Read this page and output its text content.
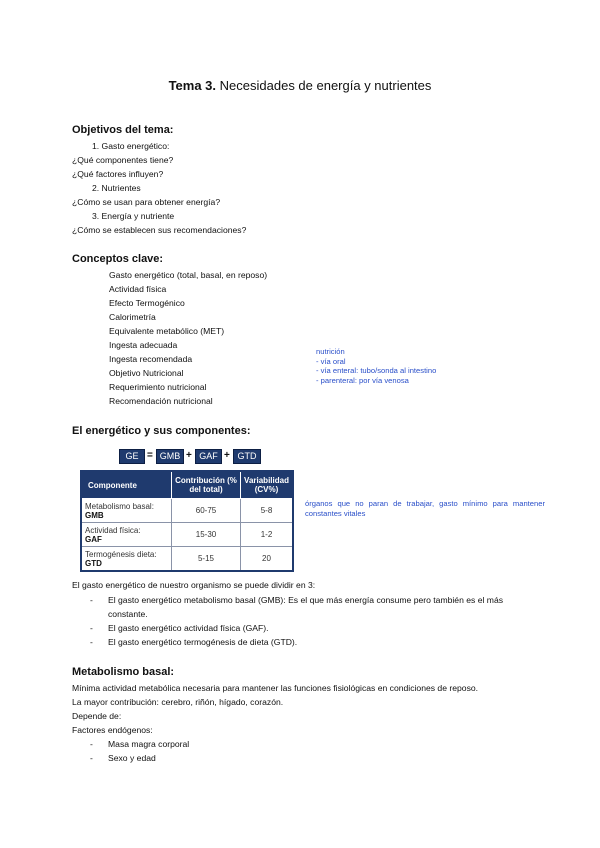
Tema 3. Necesidades de energía y nutrientes
Objetivos del tema:
1. Gasto energético:
¿Qué componentes tiene?
¿Qué factores influyen?
2. Nutrientes
¿Cómo se usan para obtener energía?
3. Energía y nutriente
¿Cómo se establecen sus recomendaciones?
Conceptos clave:
Gasto energético (total, basal, en reposo)
Actividad física
Efecto Termogénico
Calorimetría
Equivalente metabólico (MET)
Ingesta adecuada
Ingesta recomendada
Objetivo Nutricional
Requerimiento nutricional
Recomendación nutricional
nutrición
- vía oral
- vía enteral: tubo/sonda al intestino
- parenteral: por vía venosa
El energético y sus componentes:
GE = GMB + GAF + GTD
Componente	Contribución (% del total)	Variabilidad (CV%)
Metabolismo basal:
GMB	60-75	5-8
Actividad física:
GAF	15-30	1-2
Termogénesis dieta:
GTD	5-15	20
órganos que no paran de trabajar, gasto mínimo para mantener constantes vitales
El gasto energético de nuestro organismo se puede dividir en 3:
- El gasto energético metabolismo basal (GMB): Es el que más energía consume pero también es el más
constante.
- El gasto energético actividad física (GAF).
- El gasto energético termogénesis de dieta (GTD).
Metabolismo basal:
Mínima actividad metabólica necesaria para mantener las funciones fisiológicas en condiciones de reposo.
La mayor contribución: cerebro, riñón, hígado, corazón.
Depende de:
Factores endógenos:
- Masa magra corporal
- Sexo y edad
